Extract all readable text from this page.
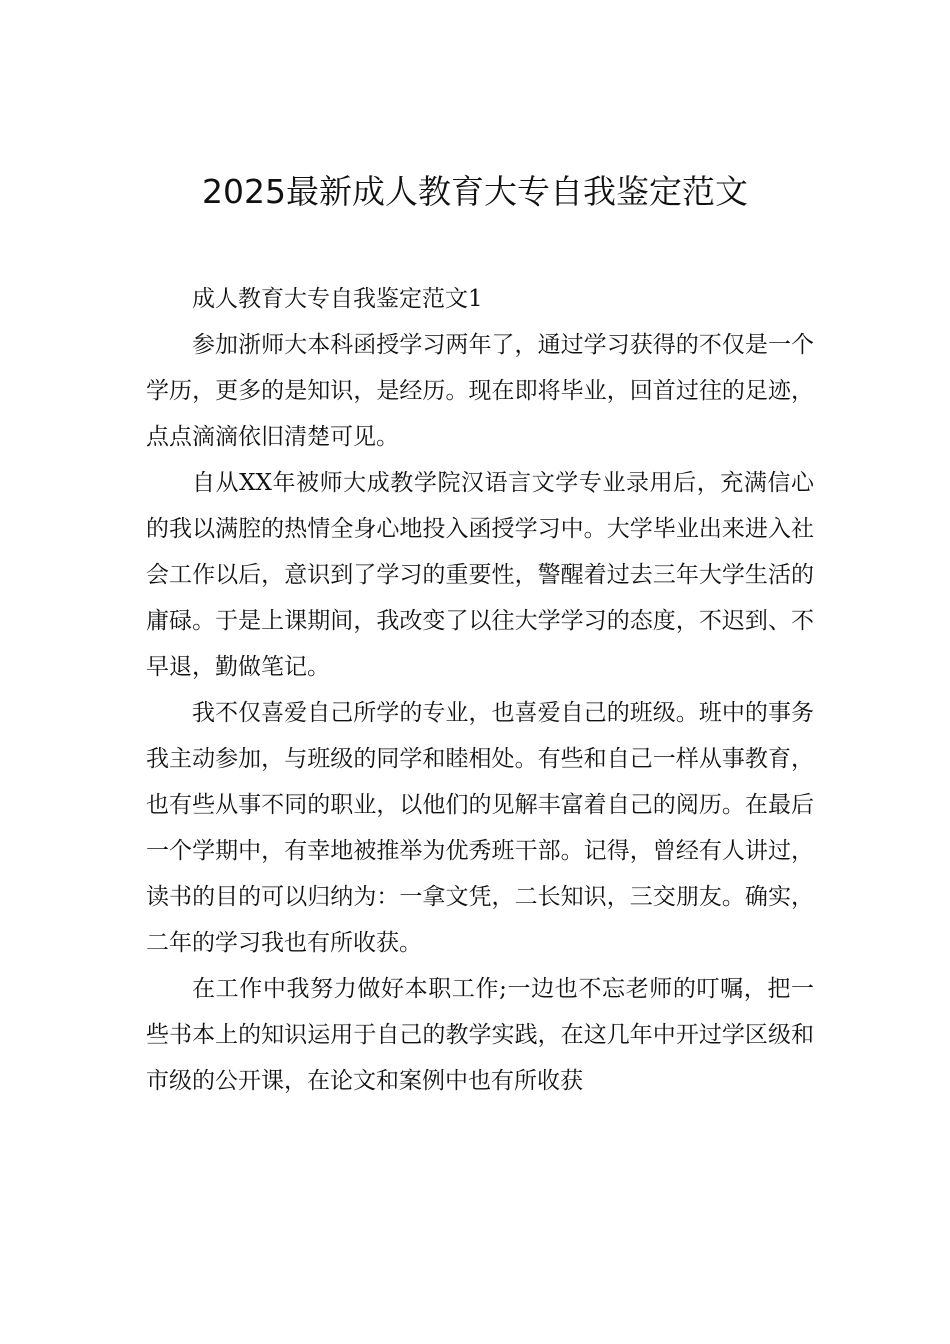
2025最新成人教育大专自我鉴定范文

成人教育大专自我鉴定范文1

参加浙师大本科函授学习两年了，通过学习获得的不仅是一个学历，更多的是知识，是经历。现在即将毕业，回首过往的足迹，点点滴滴依旧清楚可见。

自从XX年被师大成教学院汉语言文学专业录用后，充满信心的我以满腔的热情全身心地投入函授学习中。大学毕业出来进入社会工作以后，意识到了学习的重要性，警醒着过去三年大学生活的庸碌。于是上课期间，我改变了以往大学学习的态度，不迟到、不早退，勤做笔记。

我不仅喜爱自己所学的专业，也喜爱自己的班级。班中的事务我主动参加，与班级的同学和睦相处。有些和自己一样从事教育，也有些从事不同的职业，以他们的见解丰富着自己的阅历。在最后一个学期中，有幸地被推举为优秀班干部。记得，曾经有人讲过，读书的目的可以归纳为：一拿文凭，二长知识，三交朋友。确实，二年的学习我也有所收获。

在工作中我努力做好本职工作;一边也不忘老师的叮嘱，把一些书本上的知识运用于自己的教学实践，在这几年中开过学区级和市级的公开课，在论文和案例中也有所收获
